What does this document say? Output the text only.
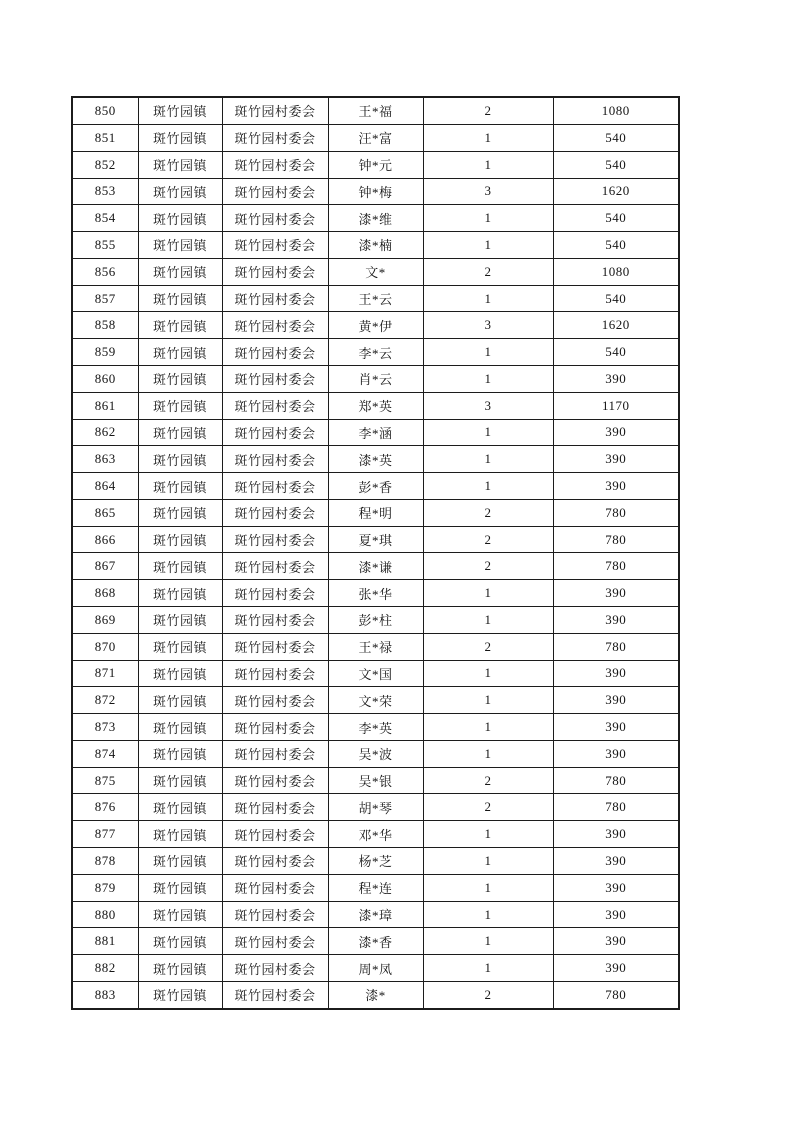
850	斑竹园镇	斑竹园村委会	王*福	2	1080
851	斑竹园镇	斑竹园村委会	汪*富	1	540
852	斑竹园镇	斑竹园村委会	钟*元	1	540
853	斑竹园镇	斑竹园村委会	钟*梅	3	1620
854	斑竹园镇	斑竹园村委会	漆*维	1	540
855	斑竹园镇	斑竹园村委会	漆*楠	1	540
856	斑竹园镇	斑竹园村委会	文*	2	1080
857	斑竹园镇	斑竹园村委会	王*云	1	540
858	斑竹园镇	斑竹园村委会	黄*伊	3	1620
859	斑竹园镇	斑竹园村委会	李*云	1	540
860	斑竹园镇	斑竹园村委会	肖*云	1	390
861	斑竹园镇	斑竹园村委会	郑*英	3	1170
862	斑竹园镇	斑竹园村委会	李*涵	1	390
863	斑竹园镇	斑竹园村委会	漆*英	1	390
864	斑竹园镇	斑竹园村委会	彭*香	1	390
865	斑竹园镇	斑竹园村委会	程*明	2	780
866	斑竹园镇	斑竹园村委会	夏*琪	2	780
867	斑竹园镇	斑竹园村委会	漆*谦	2	780
868	斑竹园镇	斑竹园村委会	张*华	1	390
869	斑竹园镇	斑竹园村委会	彭*柱	1	390
870	斑竹园镇	斑竹园村委会	王*禄	2	780
871	斑竹园镇	斑竹园村委会	文*国	1	390
872	斑竹园镇	斑竹园村委会	文*荣	1	390
873	斑竹园镇	斑竹园村委会	李*英	1	390
874	斑竹园镇	斑竹园村委会	吴*波	1	390
875	斑竹园镇	斑竹园村委会	吴*银	2	780
876	斑竹园镇	斑竹园村委会	胡*琴	2	780
877	斑竹园镇	斑竹园村委会	邓*华	1	390
878	斑竹园镇	斑竹园村委会	杨*芝	1	390
879	斑竹园镇	斑竹园村委会	程*连	1	390
880	斑竹园镇	斑竹园村委会	漆*璋	1	390
881	斑竹园镇	斑竹园村委会	漆*香	1	390
882	斑竹园镇	斑竹园村委会	周*凤	1	390
883	斑竹园镇	斑竹园村委会	漆*	2	780
